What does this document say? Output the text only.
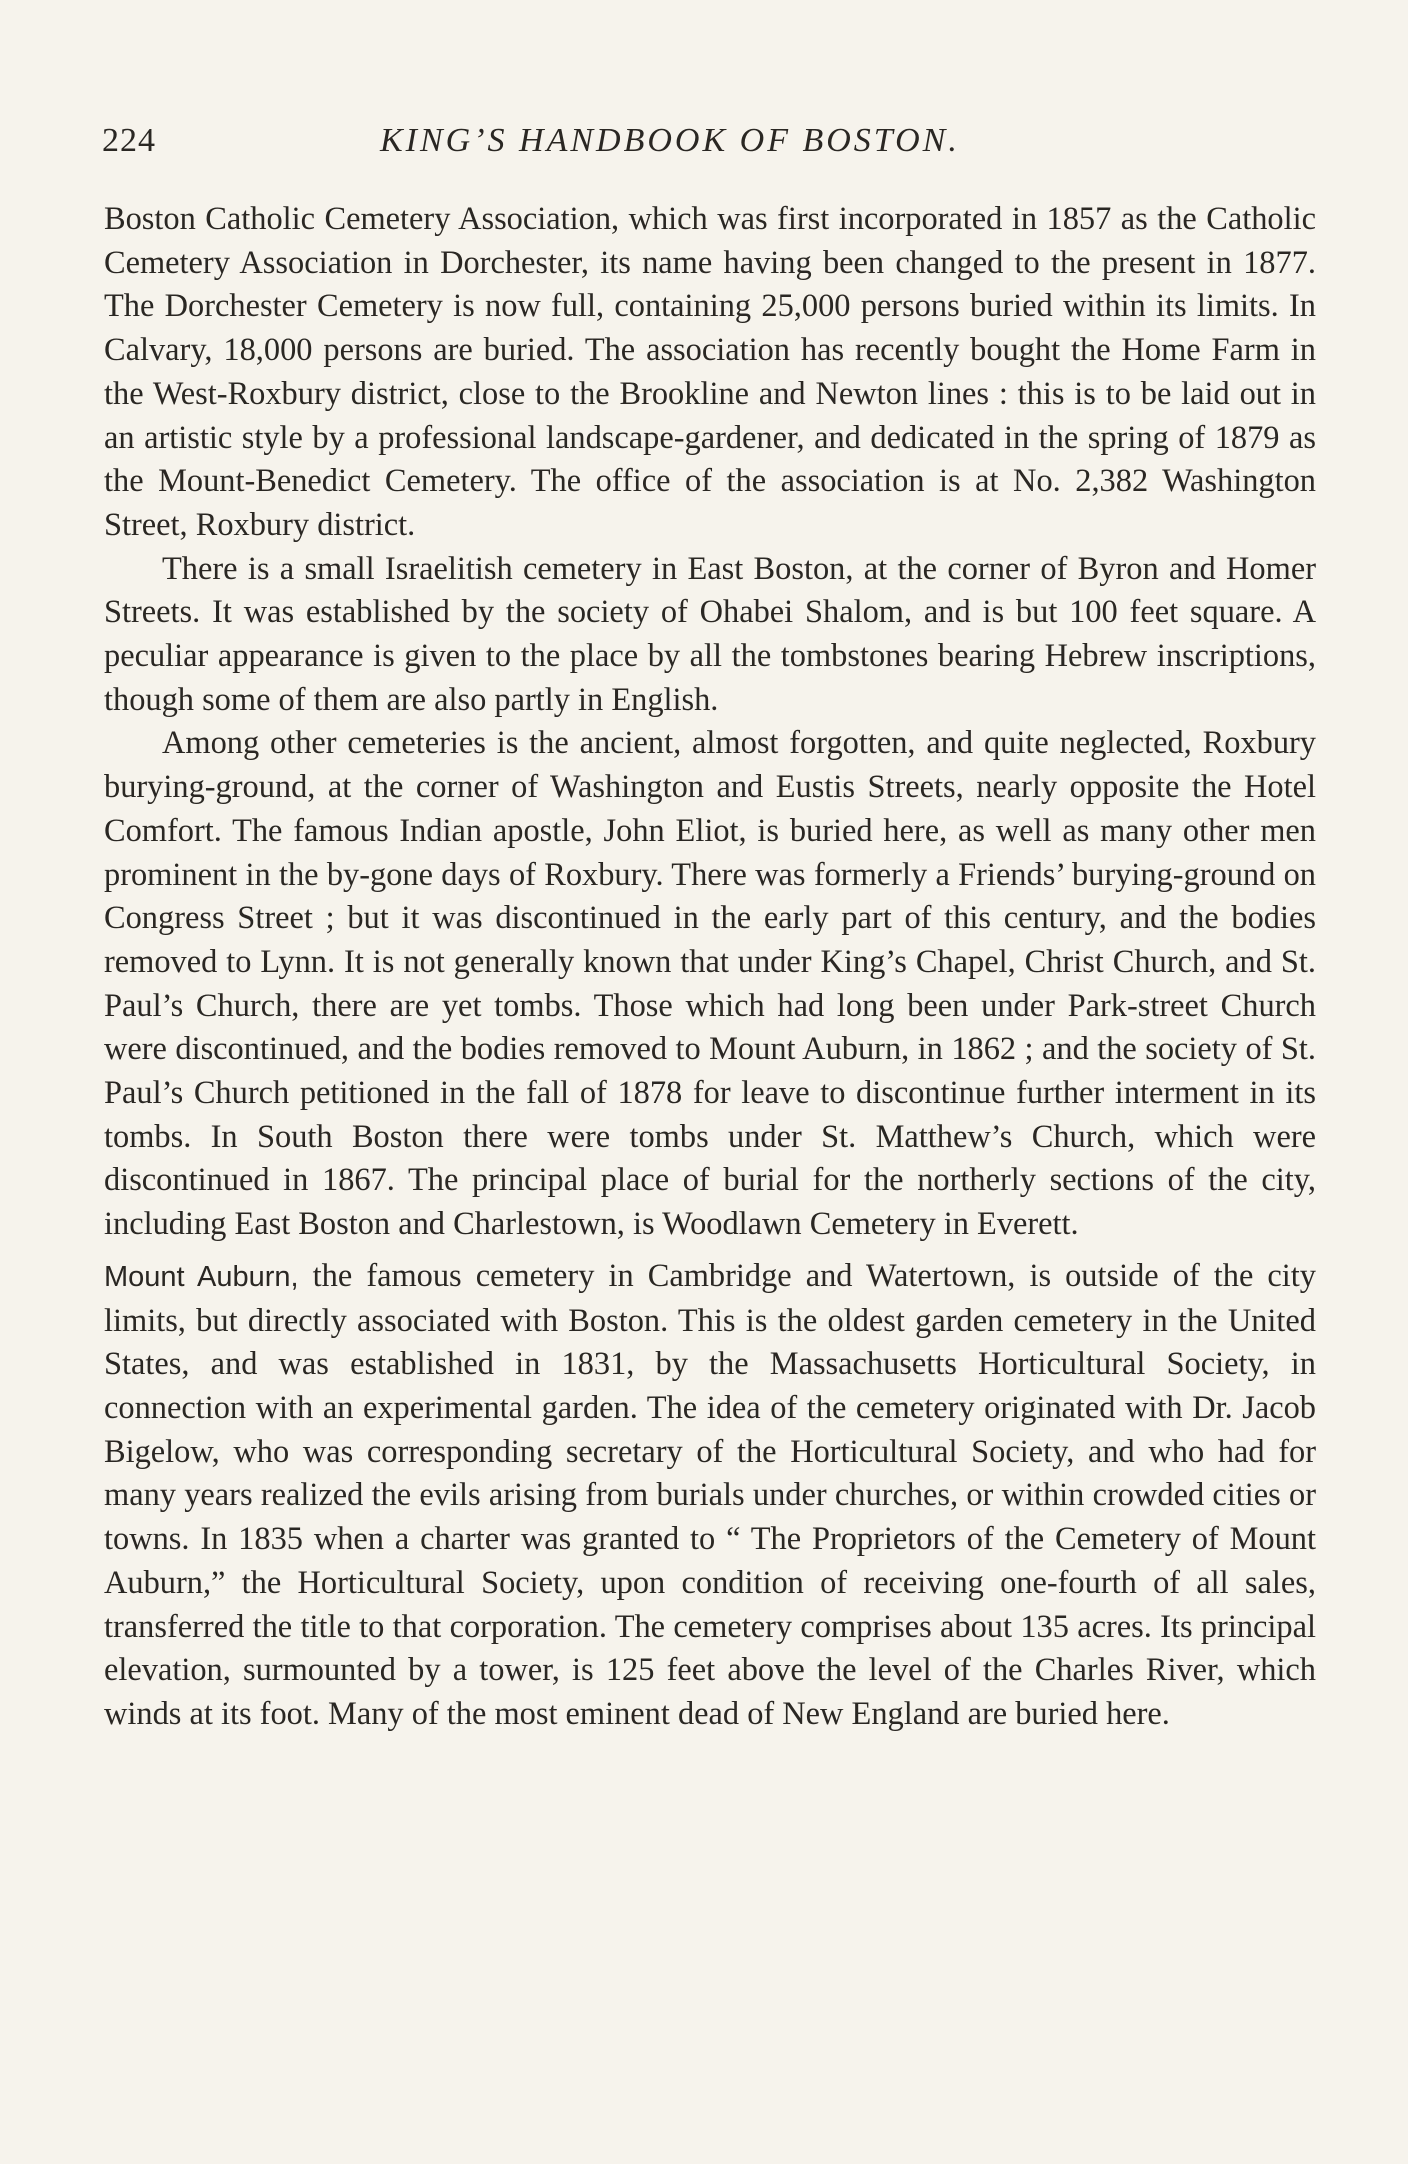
224	KING’S HANDBOOK OF BOSTON.

Boston Catholic Cemetery Association, which was first incorporated in 1857 as the Catholic Cemetery Association in Dorchester, its name having been changed to the present in 1877. The Dorchester Cemetery is now full, containing 25,000 persons buried within its limits. In Calvary, 18,000 persons are buried. The association has recently bought the Home Farm in the West-Roxbury district, close to the Brookline and Newton lines : this is to be laid out in an artistic style by a professional landscape-gardener, and dedicated in the spring of 1879 as the Mount-Benedict Cemetery. The office of the association is at No. 2,382 Washington Street, Roxbury district.

There is a small Israelitish cemetery in East Boston, at the corner of Byron and Homer Streets. It was established by the society of Ohabei Shalom, and is but 100 feet square. A peculiar appearance is given to the place by all the tombstones bearing Hebrew inscriptions, though some of them are also partly in English.

Among other cemeteries is the ancient, almost forgotten, and quite neglected, Roxbury burying-ground, at the corner of Washington and Eustis Streets, nearly opposite the Hotel Comfort. The famous Indian apostle, John Eliot, is buried here, as well as many other men prominent in the by-gone days of Roxbury. There was formerly a Friends’ burying-ground on Congress Street ; but it was discontinued in the early part of this century, and the bodies removed to Lynn. It is not generally known that under King’s Chapel, Christ Church, and St. Paul’s Church, there are yet tombs. Those which had long been under Park-street Church were discontinued, and the bodies removed to Mount Auburn, in 1862 ; and the society of St. Paul’s Church petitioned in the fall of 1878 for leave to discontinue further interment in its tombs. In South Boston there were tombs under St. Matthew’s Church, which were discontinued in 1867. The principal place of burial for the northerly sections of the city, including East Boston and Charlestown, is Woodlawn Cemetery in Everett.

Mount Auburn, the famous cemetery in Cambridge and Watertown, is outside of the city limits, but directly associated with Boston. This is the oldest garden cemetery in the United States, and was established in 1831, by the Massachusetts Horticultural Society, in connection with an experimental garden. The idea of the cemetery originated with Dr. Jacob Bigelow, who was corresponding secretary of the Horticultural Society, and who had for many years realized the evils arising from burials under churches, or within crowded cities or towns. In 1835 when a charter was granted to “ The Proprietors of the Cemetery of Mount Auburn,” the Horticultural Society, upon condition of receiving one-fourth of all sales, transferred the title to that corporation. The cemetery comprises about 135 acres. Its principal elevation, surmounted by a tower, is 125 feet above the level of the Charles River, which winds at its foot. Many of the most eminent dead of New England are buried here.
